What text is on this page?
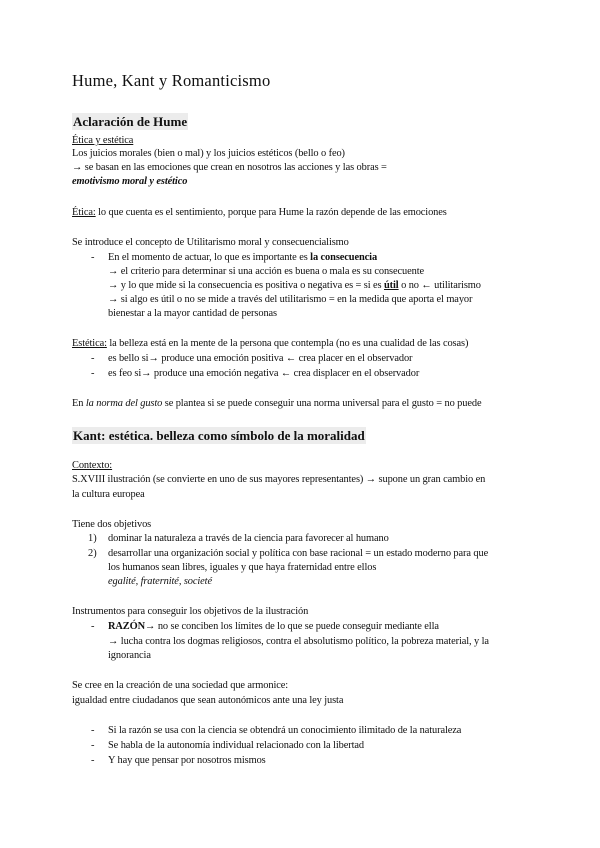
Hume, Kant y Romanticismo
Aclaración de Hume
Ética y estética
Los juicios morales (bien o mal) y los juicios estéticos (bello o feo)
→ se basan en las emociones que crean en nosotros las acciones y las obras =
emotivismo moral y estético
Ética: lo que cuenta es el sentimiento, porque para Hume la razón depende de las emociones
Se introduce el concepto de Utilitarismo moral y consecuencialismo
- En el momento de actuar, lo que es importante es la consecuencia
→ el criterio para determinar si una acción es buena o mala es su consecuente
→ y lo que mide si la consecuencia es positiva o negativa es = si es útil o no ← utilitarismo
→ si algo es útil o no se mide a través del utilitarismo = en la medida que aporta el mayor
bienestar a la mayor cantidad de personas
Estética: la belleza está en la mente de la persona que contempla (no es una cualidad de las cosas)
- es bello si→ produce una emoción positiva ← crea placer en el observador
- es feo si→ produce una emoción negativa ← crea displacer en el observador
En la norma del gusto se plantea si se puede conseguir una norma universal para el gusto = no puede
Kant: estética. belleza como símbolo de la moralidad
Contexto:
S.XVIII ilustración (se convierte en uno de sus mayores representantes) → supone un gran cambio en
la cultura europea
Tiene dos objetivos
1) dominar la naturaleza a través de la ciencia para favorecer al humano
2) desarrollar una organización social y política con base racional = un estado moderno para que
los humanos sean libres, iguales y que haya fraternidad entre ellos
egalité, fraternité, societé
Instrumentos para conseguir los objetivos de la ilustración
- RAZÓN→ no se conciben los límites de lo que se puede conseguir mediante ella
→ lucha contra los dogmas religiosos, contra el absolutismo político, la pobreza material, y la
ignorancia
Se cree en la creación de una sociedad que armonice:
igualdad entre ciudadanos que sean autonómicos ante una ley justa
- Si la razón se usa con la ciencia se obtendrá un conocimiento ilimitado de la naturaleza
- Se habla de la autonomía individual relacionado con la libertad
- Y hay que pensar por nosotros mismos
